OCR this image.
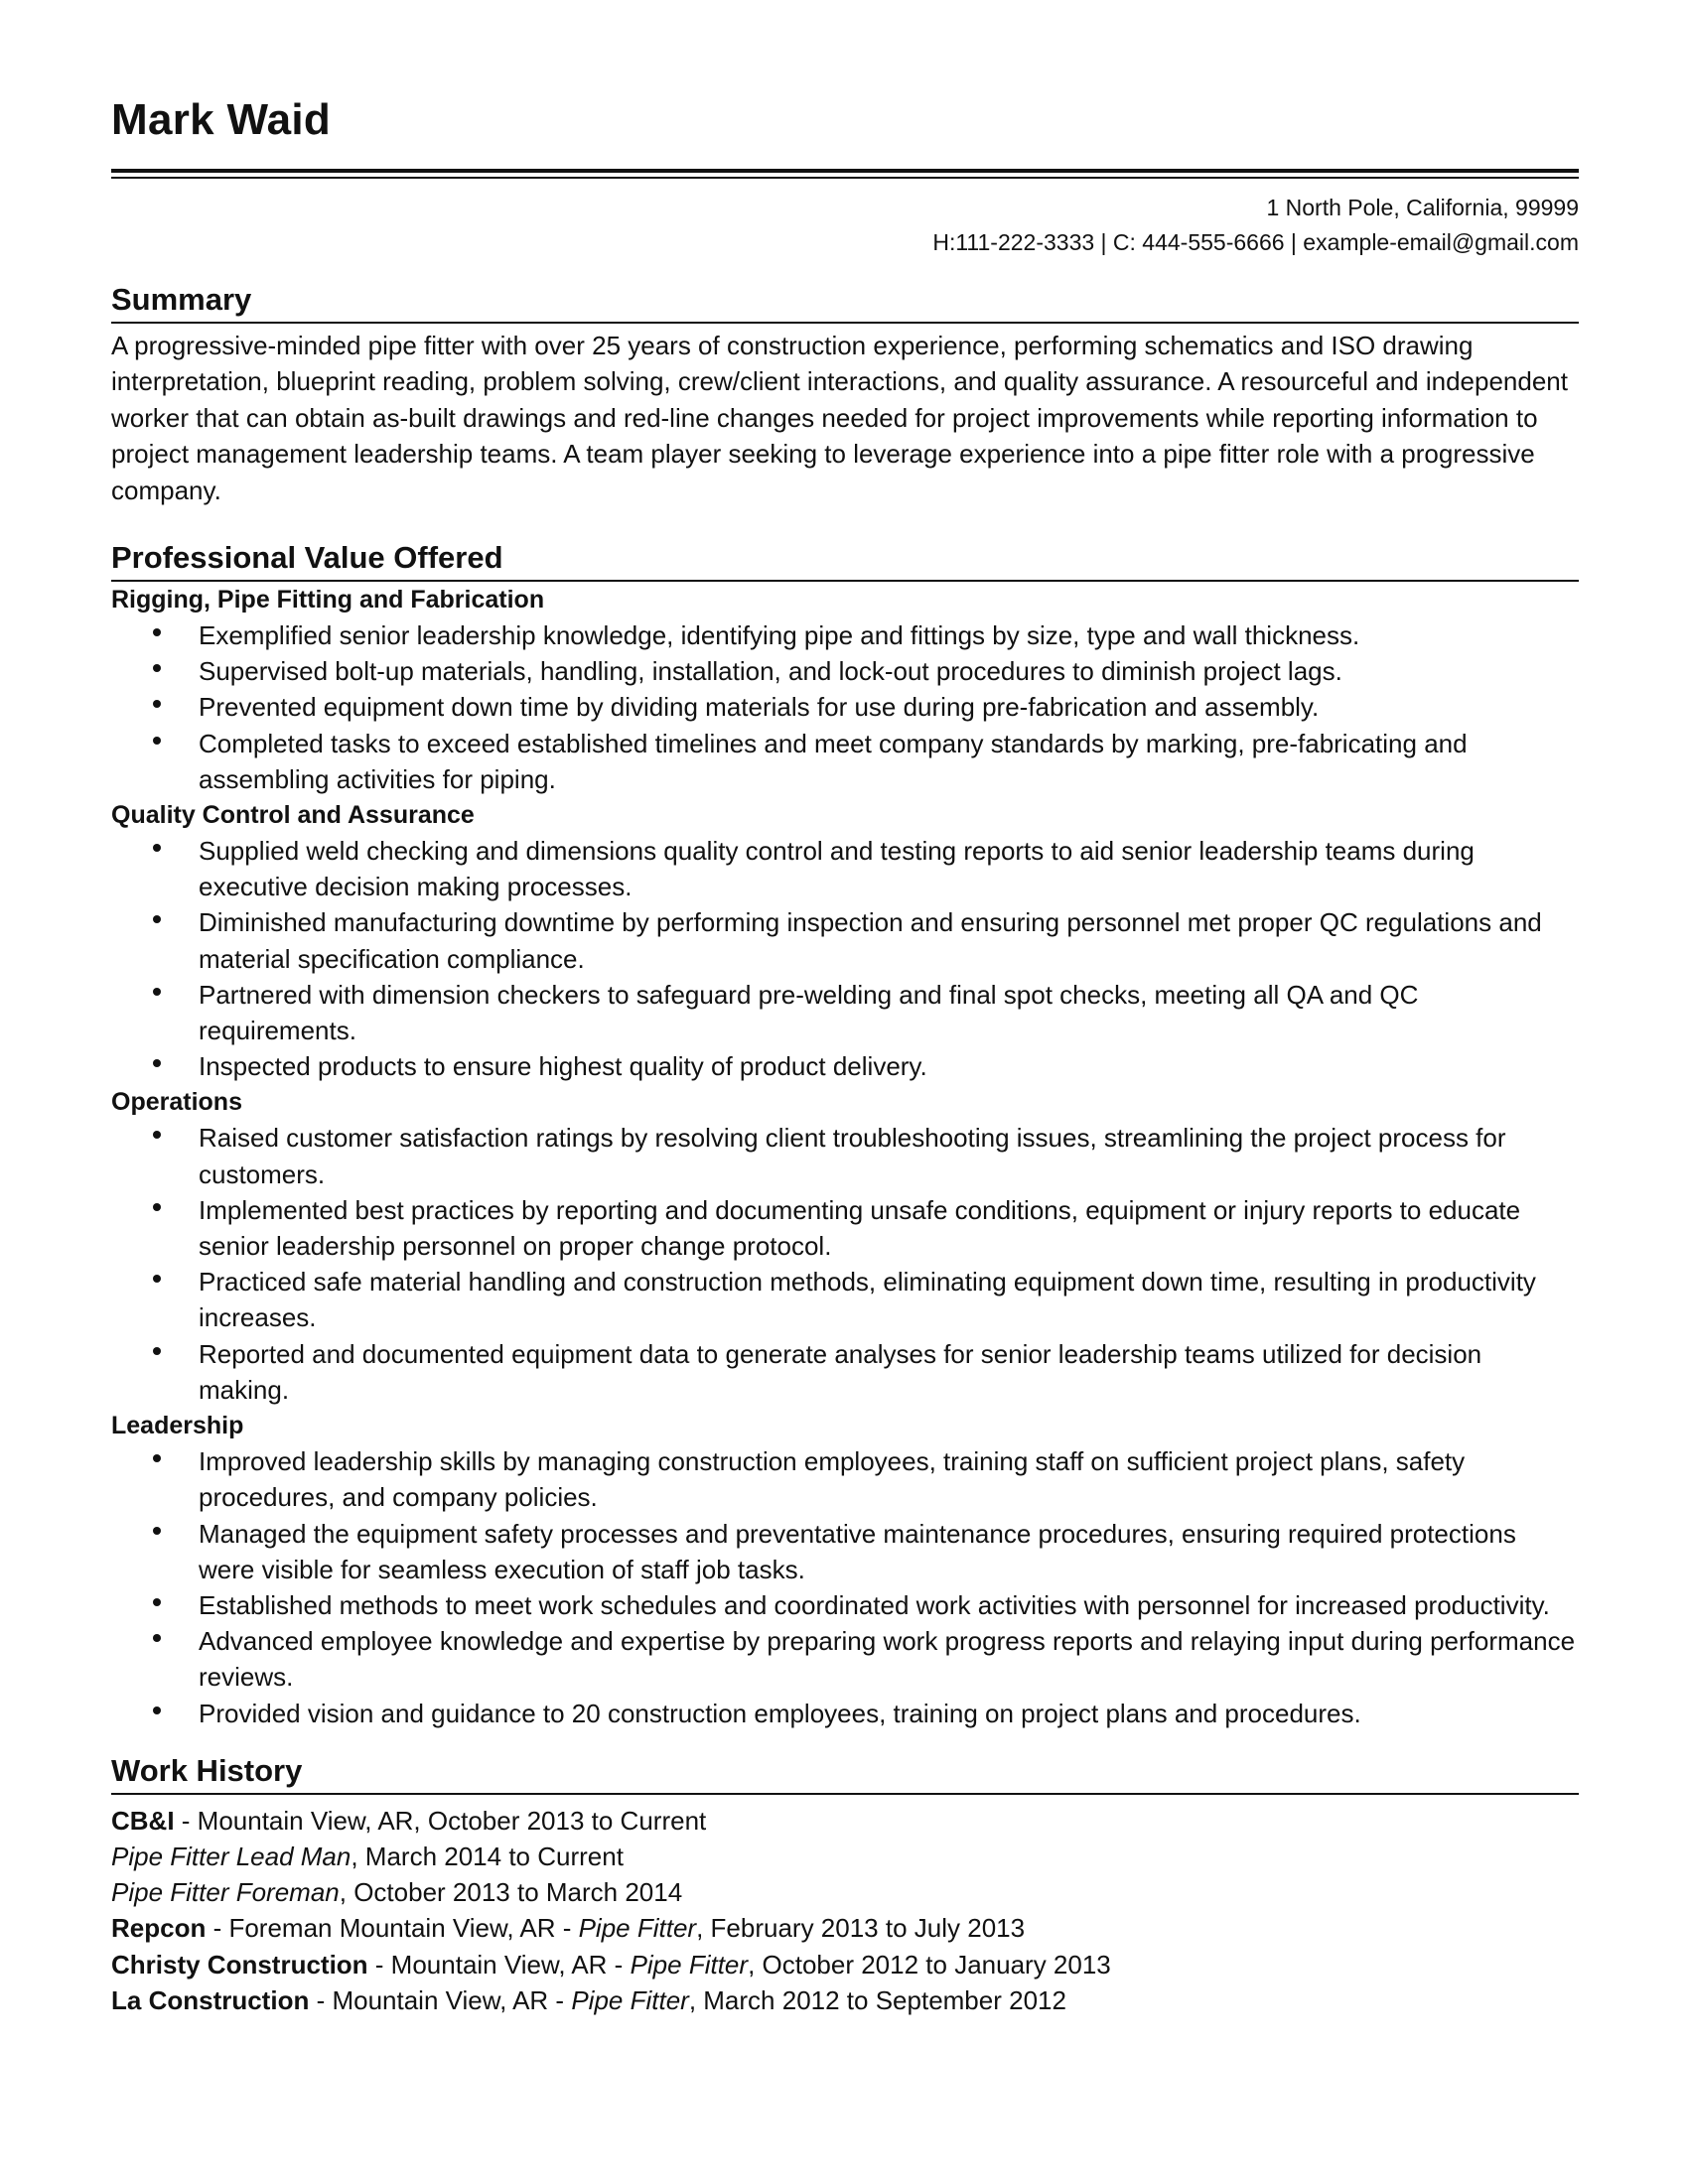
Mark Waid
1 North Pole, California, 99999
H:111-222-3333 | C: 444-555-6666 | example-email@gmail.com
Summary

A progressive-minded pipe fitter with over 25 years of construction experience, performing schematics and ISO drawing interpretation, blueprint reading, problem solving, crew/client interactions, and quality assurance. A resourceful and independent worker that can obtain as-built drawings and red-line changes needed for project improvements while reporting information to project management leadership teams. A team player seeking to leverage experience into a pipe fitter role with a progressive company.

Professional Value Offered
Rigging, Pipe Fitting and Fabrication
Exemplified senior leadership knowledge, identifying pipe and fittings by size, type and wall thickness.
Supervised bolt-up materials, handling, installation, and lock-out procedures to diminish project lags.
Prevented equipment down time by dividing materials for use during pre-fabrication and assembly.
Completed tasks to exceed established timelines and meet company standards by marking, pre-fabricating and assembling activities for piping.
Quality Control and Assurance
Supplied weld checking and dimensions quality control and testing reports to aid senior leadership teams during executive decision making processes.
Diminished manufacturing downtime by performing inspection and ensuring personnel met proper QC regulations and material specification compliance.
Partnered with dimension checkers to safeguard pre-welding and final spot checks, meeting all QA and QC requirements.
Inspected products to ensure highest quality of product delivery.
Operations
Raised customer satisfaction ratings by resolving client troubleshooting issues, streamlining the project process for customers.
Implemented best practices by reporting and documenting unsafe conditions, equipment or injury reports to educate senior leadership personnel on proper change protocol.
Practiced safe material handling and construction methods, eliminating equipment down time, resulting in productivity increases.
Reported and documented equipment data to generate analyses for senior leadership teams utilized for decision making.
Leadership
Improved leadership skills by managing construction employees, training staff on sufficient project plans, safety procedures, and company policies.
Managed the equipment safety processes and preventative maintenance procedures, ensuring required protections were visible for seamless execution of staff job tasks.
Established methods to meet work schedules and coordinated work activities with personnel for increased productivity.
Advanced employee knowledge and expertise by preparing work progress reports and relaying input during performance reviews.
Provided vision and guidance to 20 construction employees, training on project plans and procedures.
Work History

CB&I - Mountain View, AR, October 2013 to Current

Pipe Fitter Lead Man, March 2014 to Current

Pipe Fitter Foreman, October 2013 to March 2014

Repcon - Foreman Mountain View, AR - Pipe Fitter, February 2013 to July 2013

Christy Construction - Mountain View, AR - Pipe Fitter, October 2012 to January 2013

La Construction - Mountain View, AR - Pipe Fitter, March 2012 to September 2012
